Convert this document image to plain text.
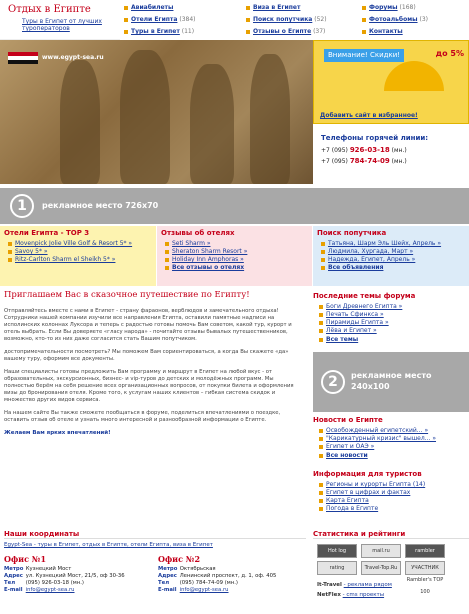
Отдых в Египте
Туры в Египет от лучших туроператоров
Авиабилеты
Отели Египта (384)
Туры в Египет (11)
Виза в Египет
Поиск попутчика (52)
Отзывы о Египте (37)
Форумы (168)
Фотоальбомы (3)
Контакты
www.egypt-sea.ru	Внимание! Скидки!	до 5%
Добавить сайт в избранное!
Телефоны горячей линии:
+7 (095) 926-03-18 (мн.)
+7 (095) 784-74-09 (мн.)
1	рекламное место 726x70
Отели Египта - TOP 3
Movenpick Jolie Ville Golf & Resort 5* »
Savoy 5* »
Ritz-Carlton Sharm el Sheikh 5* »
Отзывы об отелях
Seti Sharm »
Sheraton Sharm Resort »
Holiday Inn Amphoras »
Все отзывы о отелях
Поиск попутчика
Татьяна, Шарм Эль Шейх, Апрель »
Людмила, Хургада, Март »
Надежда, Египет, Апрель »
Все объявления
Приглашаем Вас в сказочное путешествие по Египту!

Отправляйтесь вместе с нами в Египет - страну фараонов, верблюдов и замечательного отдыха! Сотрудники нашей компании изучили все направления Египта, оставили памятные надписи на исполинских колоннах Луксора и теперь с радостью готовы помочь Вам советом, какой тур, курорт и отель выбрать. Если Вы доверяете «гласу народа» - почитайте отзывы бывалых путешественников, возможно, кто-то из них даже согласится стать Вашим попутчиком.

достопримечательности посмотреть? Мы поможем Вам сориентироваться, а когда Вы скажете «да» вашему туру, оформим все документы.

Наши специалисты готовы предложить Вам программу и маршрут в Египет на любой вкус - от образовательных, экскурсионных, бизнес- и vip-туров до детских и молодёжных программ. Мы полностью берём на себя решение всех организационных вопросов, от покупки билета и оформления визы до бронирования отеля. Кроме того, к услугам наших клиентов – гибкая система скидок и множество других видов сервиса.

На нашем сайте Вы также сможете пообщаться в форуме, поделиться впечатлениями о поездке, оставить отзыв об отеле и узнать много интересной и разнообразной информации о Египте.

Желаем Вам ярких впечатлений!
Последние темы форума
Боги Древнего Египта »
Печать Сфинкса »
Пирамиды Египта »
Лёва и Египет »
Все темы
2	рекламное место 240x100
Новости о Египте
Освобожденный египетский... »
"Карикатурный кризис" вышел... »
Египет и ОАЭ »
Все новости
Информация для туристов
Регионы и курорты Египта (14)
Египет в цифрах и фактах
Карта Египта
Погода в Египте
Наши координаты
Egypt-Sea - туры в Египет, отдых в Египте, отели Египта, виза в Египет
Офис №1
Метро Кузнецкий Мост
Адрес ул. Кузнецкий Мост, 21/5, оф 30-36
Тел (095) 926-03-18 (мн.)
E-mail info@egypt-sea.ru
Офис №2
Метро Октябрьская
Адрес Ленинский проспект, д. 1, оф. 405
Тел (095) 784-74-09 (мн.)
E-mail info@egypt-sea.ru
Статистика и рейтинги
Hot log	mail.ru	rambler
rating	Travel-Top.Ru	УЧАСТНИК Rambler's TOP 100
It-Travel - реклама рядом
NetFlex - cms проекты
